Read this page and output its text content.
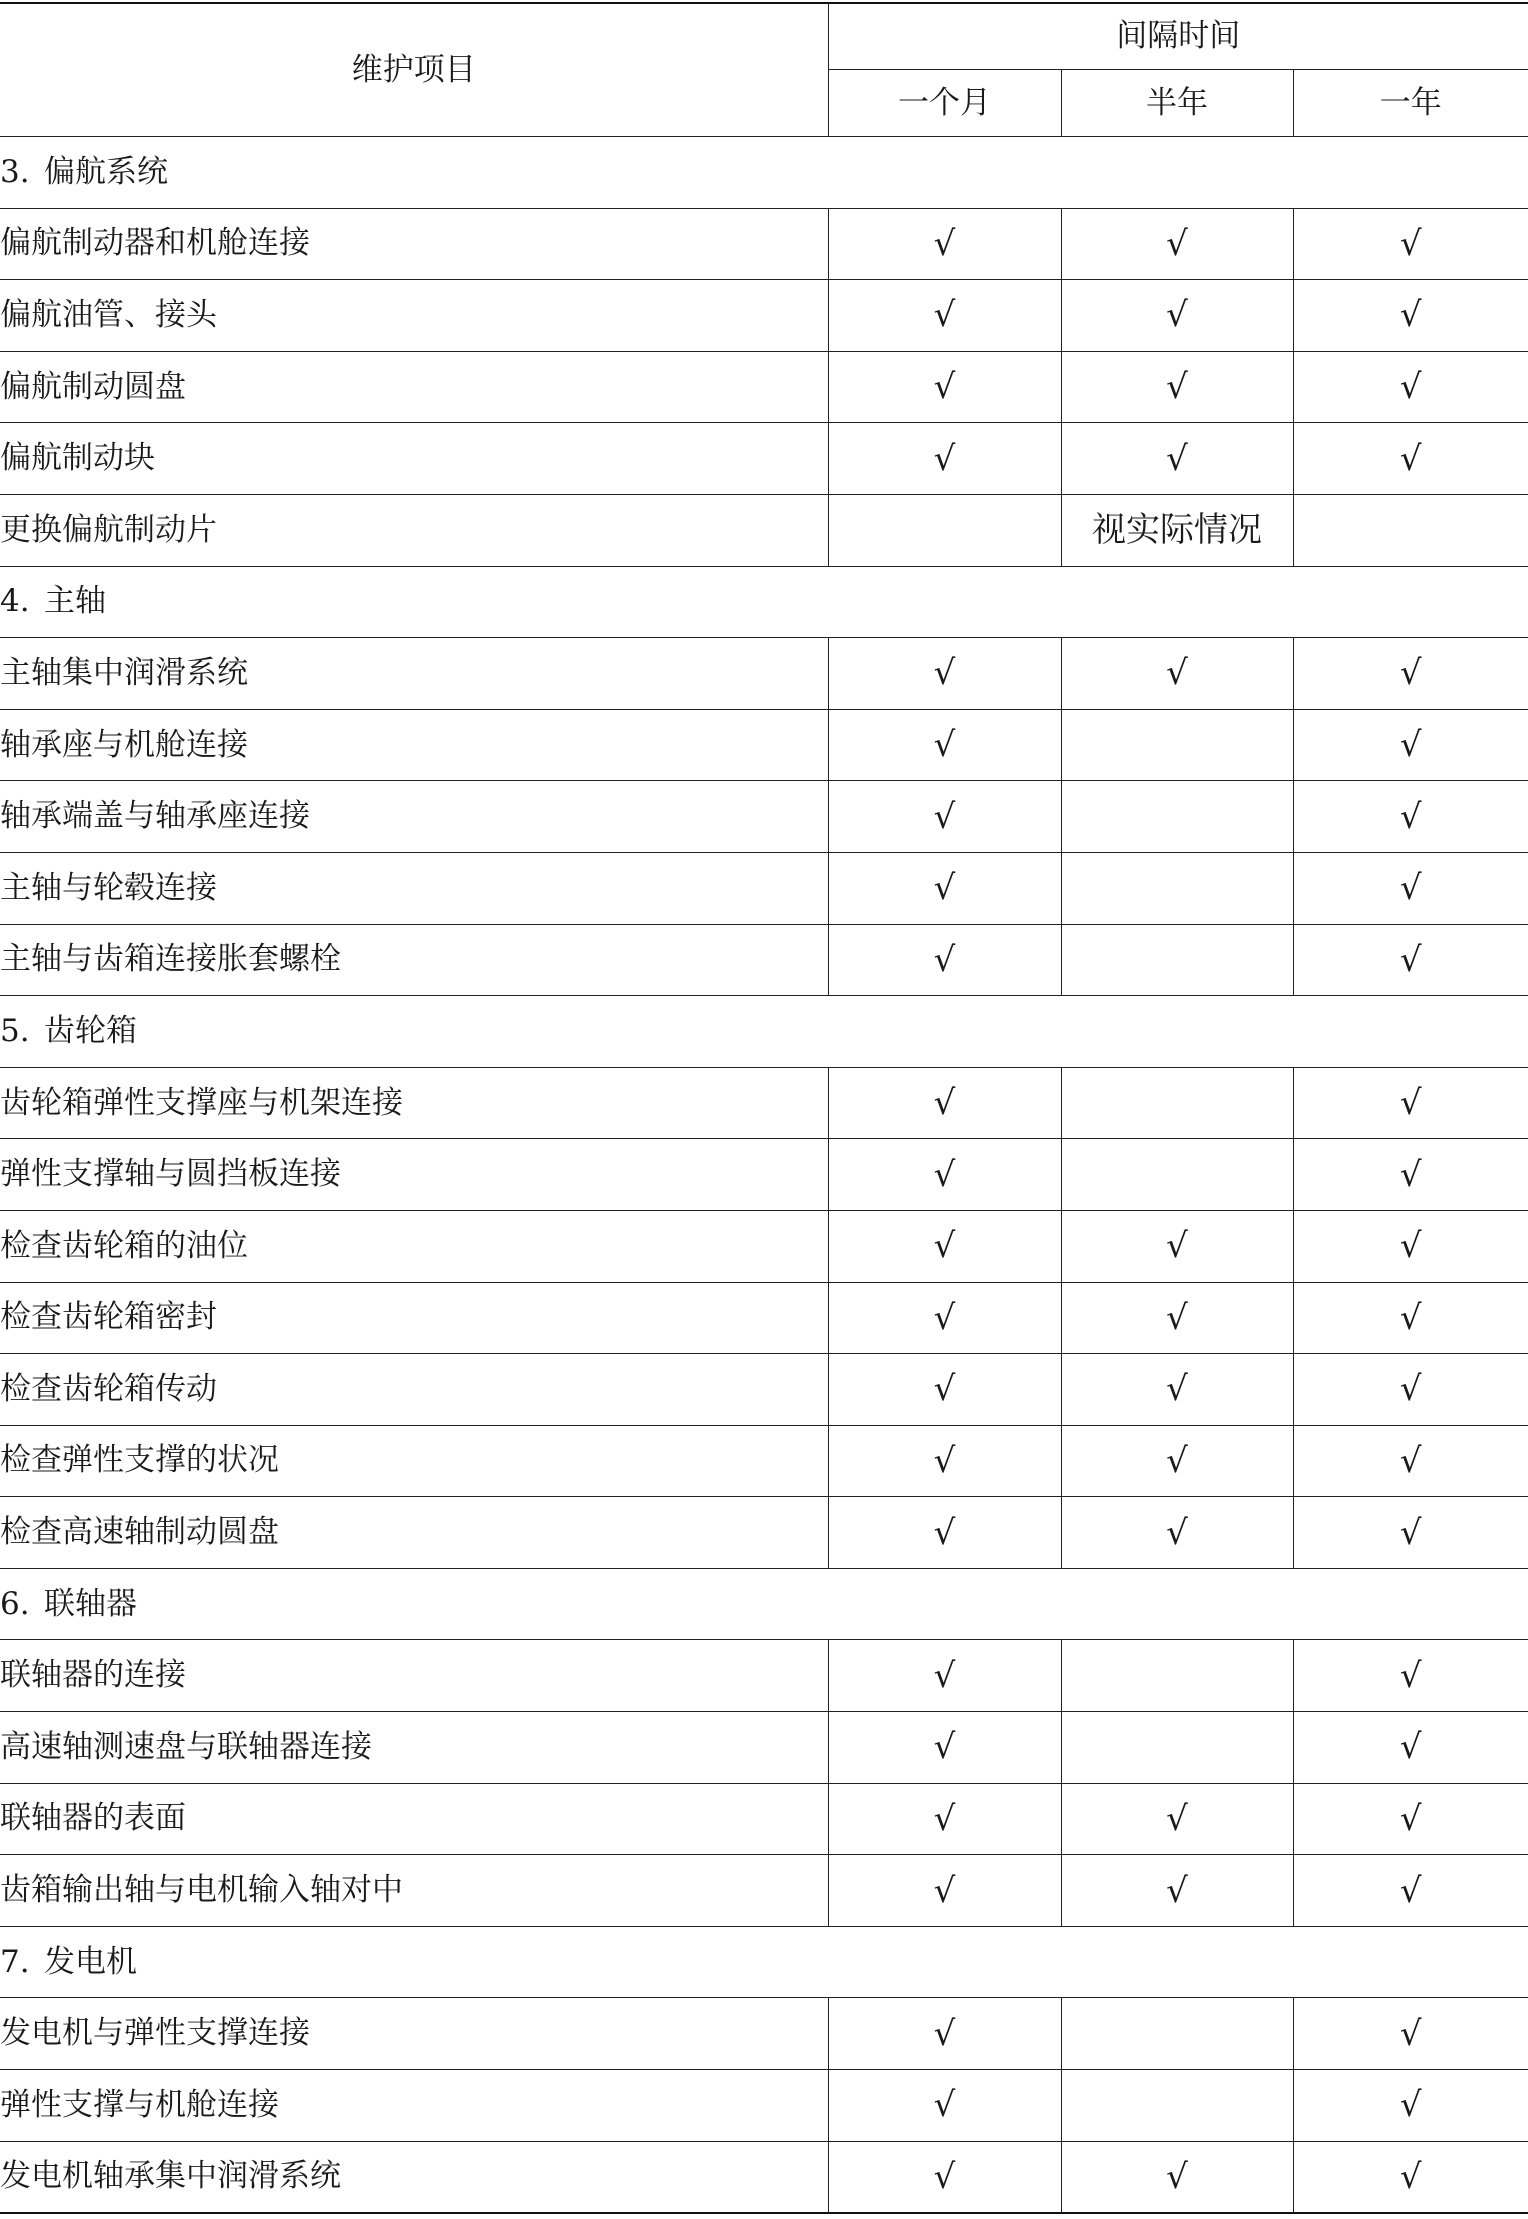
维护项目	间隔时间		
	一个月	半年	一年
3. 偏航系统			
偏航制动器和机舱连接	√	√	√
偏航油管、接头	√	√	√
偏航制动圆盘	√	√	√
偏航制动块	√	√	√
更换偏航制动片		视实际情况	
4. 主轴			
主轴集中润滑系统	√	√	√
轴承座与机舱连接	√		√
轴承端盖与轴承座连接	√		√
主轴与轮毂连接	√		√
主轴与齿箱连接胀套螺栓	√		√
5. 齿轮箱			
齿轮箱弹性支撑座与机架连接	√		√
弹性支撑轴与圆挡板连接	√		√
检查齿轮箱的油位	√	√	√
检查齿轮箱密封	√	√	√
检查齿轮箱传动	√	√	√
检查弹性支撑的状况	√	√	√
检查高速轴制动圆盘	√	√	√
6. 联轴器			
联轴器的连接	√		√
高速轴测速盘与联轴器连接	√		√
联轴器的表面	√	√	√
齿箱输出轴与电机输入轴对中	√	√	√
7. 发电机			
发电机与弹性支撑连接	√		√
弹性支撑与机舱连接	√		√
发电机轴承集中润滑系统	√	√	√
